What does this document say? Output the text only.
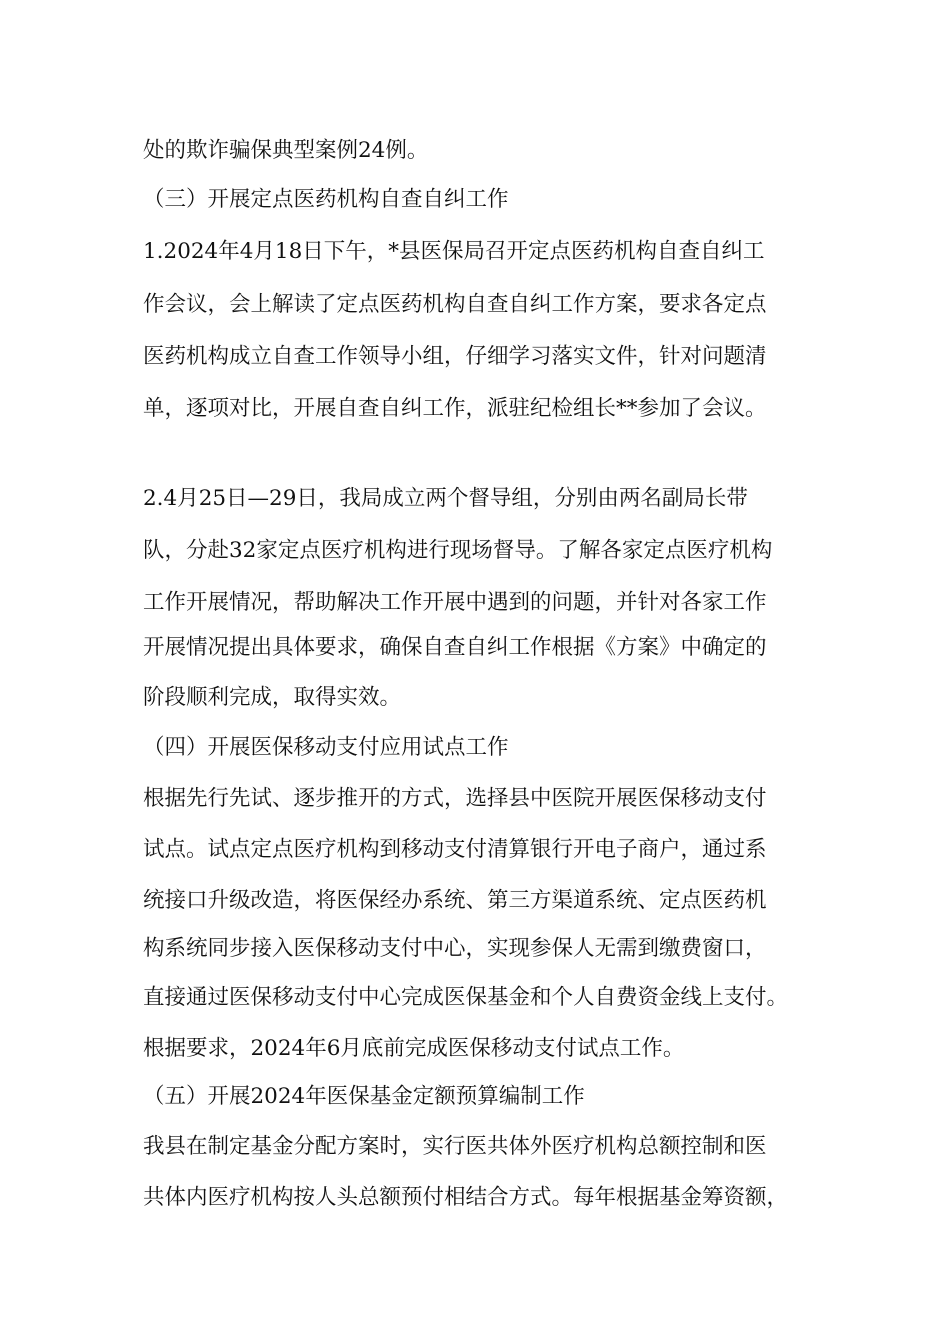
处的欺诈骗保典型案例24例。
（三）开展定点医药机构自查自纠工作
1.2024年4月18日下午，*县医保局召开定点医药机构自查自纠工
作会议，会上解读了定点医药机构自查自纠工作方案，要求各定点
医药机构成立自查工作领导小组，仔细学习落实文件，针对问题清
单，逐项对比，开展自查自纠工作，派驻纪检组长**参加了会议。
2.4月25日—29日，我局成立两个督导组，分别由两名副局长带
队，分赴32家定点医疗机构进行现场督导。了解各家定点医疗机构
工作开展情况，帮助解决工作开展中遇到的问题，并针对各家工作
开展情况提出具体要求，确保自查自纠工作根据《方案》中确定的
阶段顺利完成，取得实效。
（四）开展医保移动支付应用试点工作
根据先行先试、逐步推开的方式，选择县中医院开展医保移动支付
试点。试点定点医疗机构到移动支付清算银行开电子商户，通过系
统接口升级改造，将医保经办系统、第三方渠道系统、定点医药机
构系统同步接入医保移动支付中心，实现参保人无需到缴费窗口，
直接通过医保移动支付中心完成医保基金和个人自费资金线上支付。
根据要求，2024年6月底前完成医保移动支付试点工作。
（五）开展2024年医保基金定额预算编制工作
我县在制定基金分配方案时，实行医共体外医疗机构总额控制和医
共体内医疗机构按人头总额预付相结合方式。每年根据基金筹资额，
